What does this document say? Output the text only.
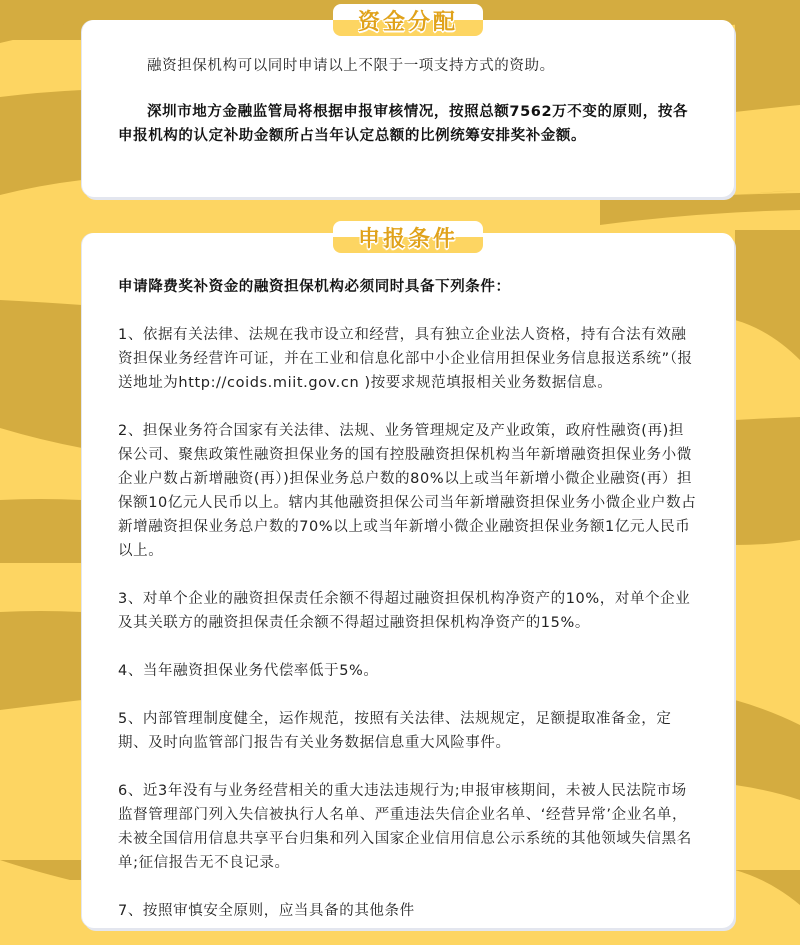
资金分配

融资担保机构可以同时申请以上不限于一项支持方式的资助。

深圳市地方金融监管局将根据申报审核情况，按照总额7562万不变的原则，按各申报机构的认定补助金额所占当年认定总额的比例统筹安排奖补金额。

申报条件

申请降费奖补资金的融资担保机构必须同时具备下列条件：

1、依据有关法律、法规在我市设立和经营，具有独立企业法人资格，持有合法有效融资担保业务经营许可证，并在工业和信息化部中小企业信用担保业务信息报送系统”（报送地址为http://coids.miit.gov.cn )按要求规范填报相关业务数据信息。

2、担保业务符合国家有关法律、法规、业务管理规定及产业政策，政府性融资(再)担保公司、聚焦政策性融资担保业务的国有控股融资担保机构当年新增融资担保业务小微企业户数占新增融资(再）)担保业务总户数的80%以上或当年新增小微企业融资(再）担保额10亿元人民币以上。辖内其他融资担保公司当年新增融资担保业务小微企业户数占新增融资担保业务总户数的70%以上或当年新增小微企业融资担保业务额1亿元人民币以上。

3、对单个企业的融资担保责任余额不得超过融资担保机构净资产的10%，对单个企业及其关联方的融资担保责任余额不得超过融资担保机构净资产的15%。

4、当年融资担保业务代偿率低于5%。

5、内部管理制度健全，运作规范，按照有关法律、法规规定，足额提取准备金，定期、及时向监管部门报告有关业务数据信息重大风险事件。

6、近3年没有与业务经营相关的重大违法违规行为;申报审核期间，未被人民法院市场监督管理部门列入失信被执行人名单、严重违法失信企业名单、‘经营异常’企业名单，未被全国信用信息共享平台归集和列入国家企业信用信息公示系统的其他领域失信黑名单;征信报告无不良记录。

7、按照审慎安全原则，应当具备的其他条件
